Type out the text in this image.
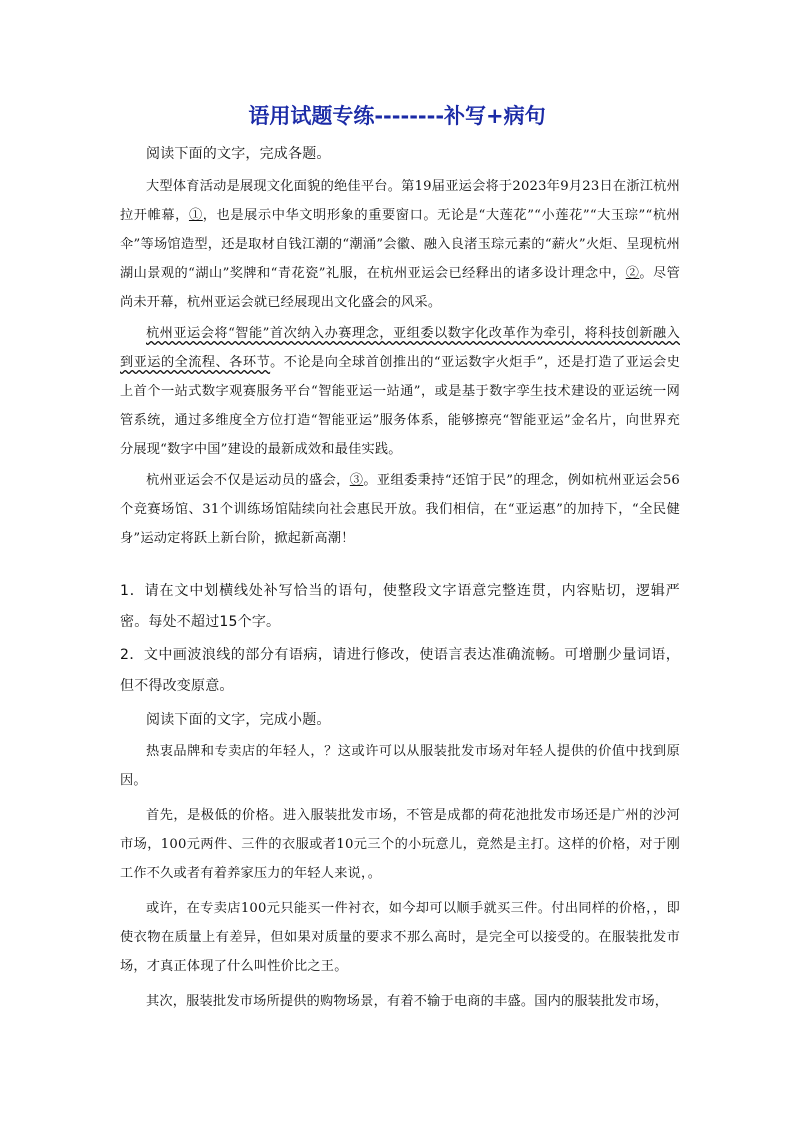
语用试题专练--------补写+病句

阅读下面的文字，完成各题。

大型体育活动是展现文化面貌的绝佳平台。第19届亚运会将于2023年9月23日在浙江杭州拉开帷幕，①，也是展示中华文明形象的重要窗口。无论是“大莲花”“小莲花”“大玉琮”“杭州伞”等场馆造型，还是取材自钱江潮的“潮涌”会徽、融入良渚玉琮元素的“薪火”火炬、呈现杭州湖山景观的“湖山”奖牌和“青花瓷”礼服，在杭州亚运会已经释出的诸多设计理念中，②。尽管尚未开幕，杭州亚运会就已经展现出文化盛会的风采。

杭州亚运会将“智能”首次纳入办赛理念，亚组委以数字化改革作为牵引，将科技创新融入到亚运的全流程、各环节。不论是向全球首创推出的“亚运数字火炬手”，还是打造了亚运会史上首个一站式数字观赛服务平台“智能亚运一站通”，或是基于数字孪生技术建设的亚运统一网管系统，通过多维度全方位打造“智能亚运”服务体系，能够擦亮“智能亚运”金名片，向世界充分展现“数字中国”建设的最新成效和最佳实践。

杭州亚运会不仅是运动员的盛会，③。亚组委秉持“还馆于民”的理念，例如杭州亚运会56个竞赛场馆、31个训练场馆陆续向社会惠民开放。我们相信，在“亚运惠”的加持下，“全民健身”运动定将跃上新台阶，掀起新高潮！

1．请在文中划横线处补写恰当的语句，使整段文字语意完整连贯，内容贴切，逻辑严密。每处不超过15个字。

2．文中画波浪线的部分有语病，请进行修改，使语言表达准确流畅。可增删少量词语，但不得改变原意。

阅读下面的文字，完成小题。

热衷品牌和专卖店的年轻人，？这或许可以从服装批发市场对年轻人提供的价值中找到原因。

首先，是极低的价格。进入服装批发市场，不管是成都的荷花池批发市场还是广州的沙河市场，100元两件、三件的衣服或者10元三个的小玩意儿，竟然是主打。这样的价格，对于刚工作不久或者有着养家压力的年轻人来说，。

或许，在专卖店100元只能买一件衬衣，如今却可以顺手就买三件。付出同样的价格，，即使衣物在质量上有差异，但如果对质量的要求不那么高时，是完全可以接受的。在服装批发市场，才真正体现了什么叫性价比之王。

其次，服装批发市场所提供的购物场景，有着不输于电商的丰盛。国内的服装批发市场，
